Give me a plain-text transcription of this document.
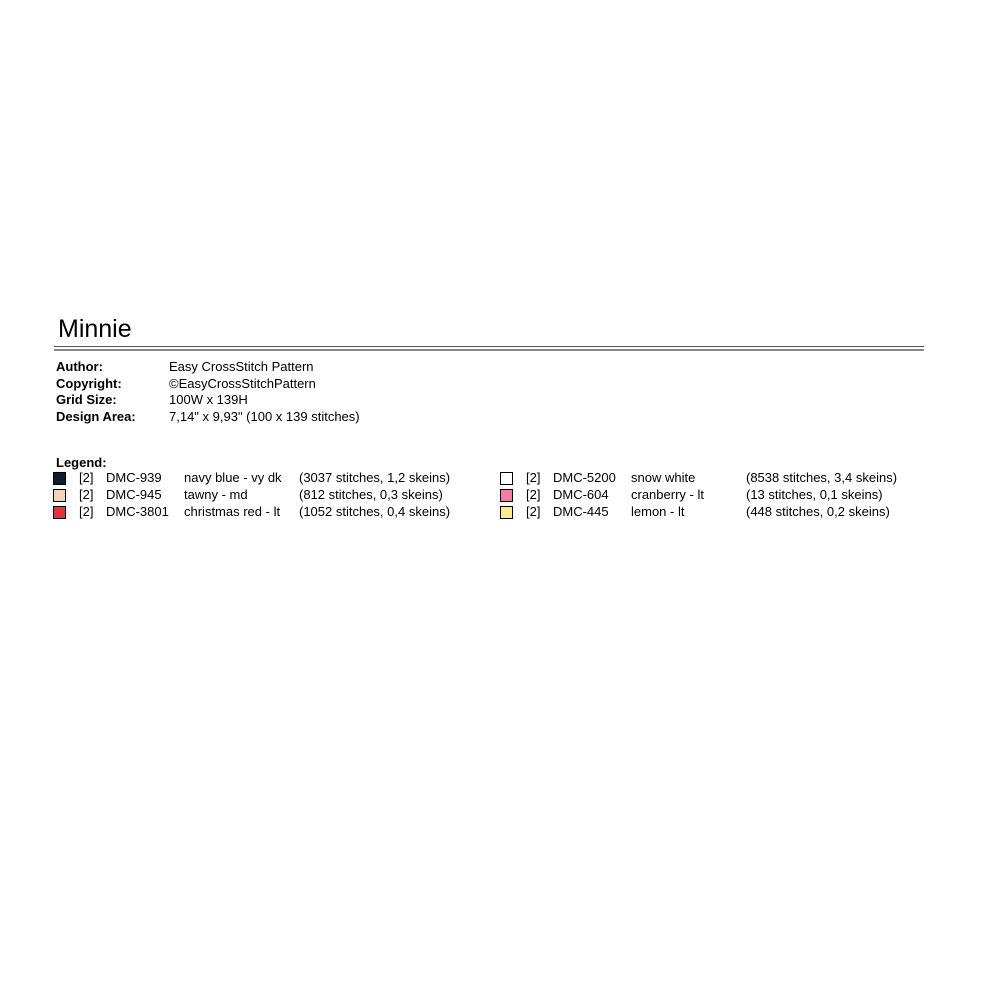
Minnie
Author:	Easy CrossStitch Pattern
Copyright:	©EasyCrossStitchPattern
Grid Size:	100W x 139H
Design Area:	7,14" x 9,93" (100 x 139 stitches)
Legend:
[2] DMC-939 navy blue - vy dk (3037 stitches, 1,2 skeins)
[2] DMC-945 tawny - md	(812 stitches, 0,3 skeins)
[2] DMC-3801 christmas red - lt (1052 stitches, 0,4 skeins)
[2] DMC-5200 snow white	(8538 stitches, 3,4 skeins)
[2] DMC-604 cranberry - lt	(13 stitches, 0,1 skeins)
[2] DMC-445 lemon - lt	(448 stitches, 0,2 skeins)
